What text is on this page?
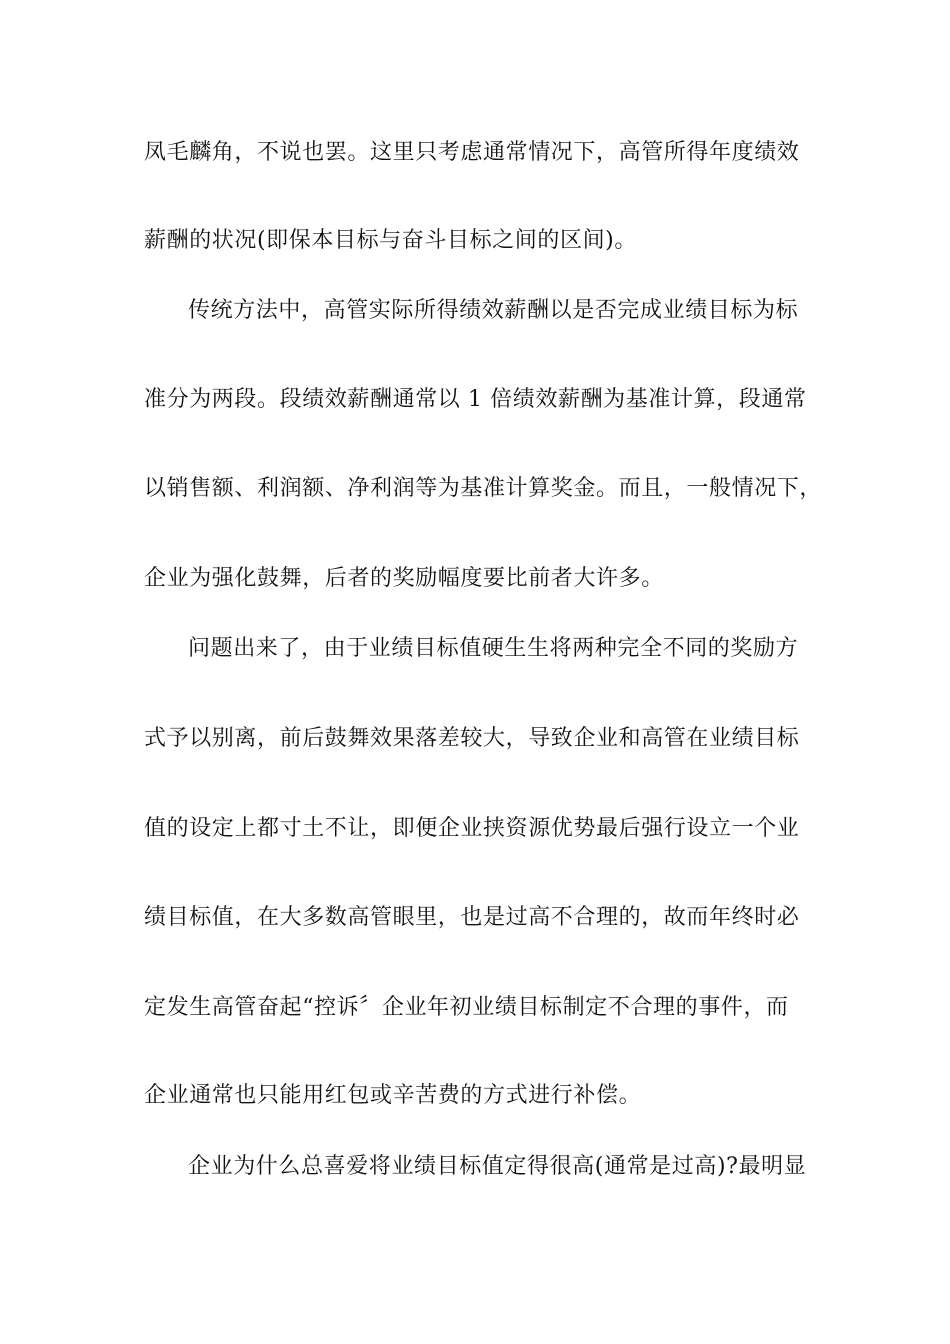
凤毛麟角，不说也罢。这里只考虑通常情况下，高管所得年度绩效
薪酬的状况(即保本目标与奋斗目标之间的区间)。
传统方法中，高管实际所得绩效薪酬以是否完成业绩目标为标
准分为两段。段绩效薪酬通常以 1 倍绩效薪酬为基准计算，段通常
以销售额、利润额、净利润等为基准计算奖金。而且，一般情况下，
企业为强化鼓舞，后者的奖励幅度要比前者大许多。
问题出来了，由于业绩目标值硬生生将两种完全不同的奖励方
式予以别离，前后鼓舞效果落差较大，导致企业和高管在业绩目标
值的设定上都寸土不让，即便企业挟资源优势最后强行设立一个业
绩目标值，在大多数高管眼里，也是过高不合理的，故而年终时必
定发生高管奋起“控诉〞企业年初业绩目标制定不合理的事件，而
企业通常也只能用红包或辛苦费的方式进行补偿。
企业为什么总喜爱将业绩目标值定得很高(通常是过高)?最明显
